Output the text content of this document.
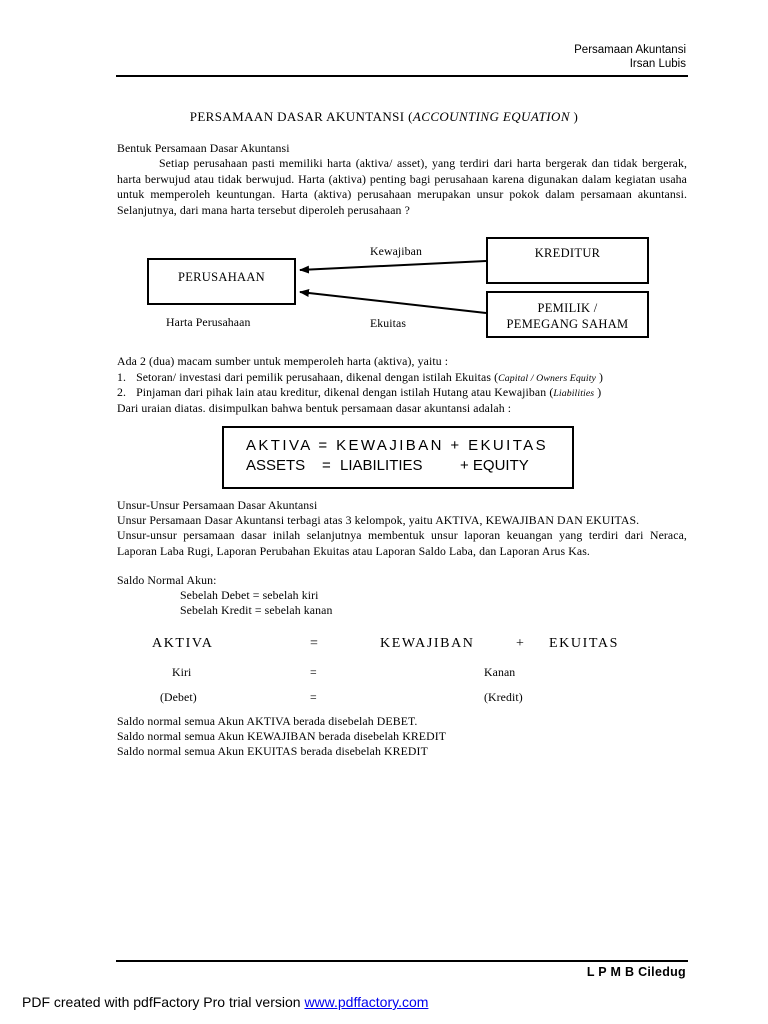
Persamaan Akuntansi
Irsan Lubis
PERSAMAAN DASAR AKUNTANSI (ACCOUNTING EQUATION )
Bentuk Persamaan Dasar Akuntansi
Setiap perusahaan pasti memiliki harta (aktiva/ asset), yang terdiri dari harta bergerak dan tidak bergerak, harta berwujud atau tidak berwujud. Harta (aktiva) penting bagi perusahaan karena digunakan dalam kegiatan usaha untuk memperoleh keuntungan. Harta (aktiva) perusahaan merupakan unsur pokok dalam persamaan akuntansi. Selanjutnya, dari mana harta tersebut diperoleh perusahaan ?
PERUSAHAAN
KREDITUR
PEMILIK /
PEMEGANG SAHAM
Kewajiban
Ekuitas
Harta Perusahaan
Ada 2 (dua) macam sumber untuk memperoleh harta (aktiva), yaitu :
1. Setoran/ investasi dari pemilik perusahaan, dikenal dengan istilah Ekuitas (Capital / Owners Equity )
2. Pinjaman dari pihak lain atau kreditur, dikenal dengan istilah Hutang atau Kewajiban (Liabilities )
Dari uraian diatas. disimpulkan bahwa bentuk persamaan dasar akuntansi adalah :
AKTIVA = KEWAJIBAN + EKUITAS
ASSETS = LIABILITIES + EQUITY
Unsur-Unsur Persamaan Dasar Akuntansi
Unsur Persamaan Dasar Akuntansi terbagi atas 3 kelompok, yaitu AKTIVA, KEWAJIBAN DAN EKUITAS.
Unsur-unsur persamaan dasar inilah selanjutnya membentuk unsur laporan keuangan yang terdiri dari Neraca, Laporan Laba Rugi, Laporan Perubahan Ekuitas atau Laporan Saldo Laba, dan Laporan Arus Kas.
Saldo Normal Akun:
Sebelah Debet = sebelah kiri
Sebelah Kredit = sebelah kanan
AKTIVA	=	KEWAJIBAN	+ EKUITAS
Kiri	=	Kanan
(Debet)	=	(Kredit)
Saldo normal semua Akun AKTIVA berada disebelah DEBET.
Saldo normal semua Akun KEWAJIBAN berada disebelah KREDIT
Saldo normal semua Akun EKUITAS berada disebelah KREDIT
L P M B Ciledug
PDF created with pdfFactory Pro trial version www.pdffactory.com
